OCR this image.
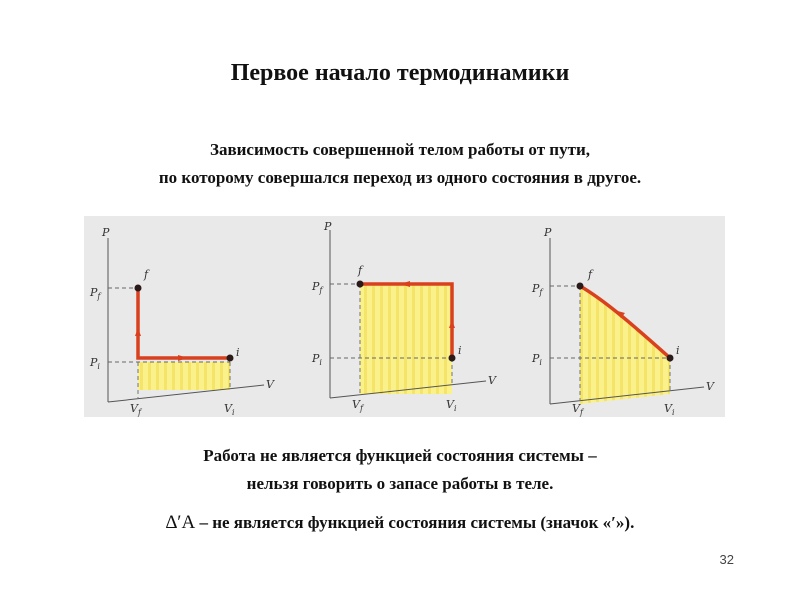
Первое начало термодинамики
Зависимость совершенной телом работы от пути,
по которому совершался переход из одного состояния в другое.
P
V
$P_f$
$P_i$
$V_f$	$V_i$
f
i
P
V
$P_f$
$P_i$
$V_f$	$V_i$
f
i
P
V
$P_f$
$P_i$
$V_f$	$V_i$
f
i
Работа не является функцией состояния системы –
нельзя говорить о запасе работы в теле.
∆′A – не является функцией состояния системы (значок «′»).
32
